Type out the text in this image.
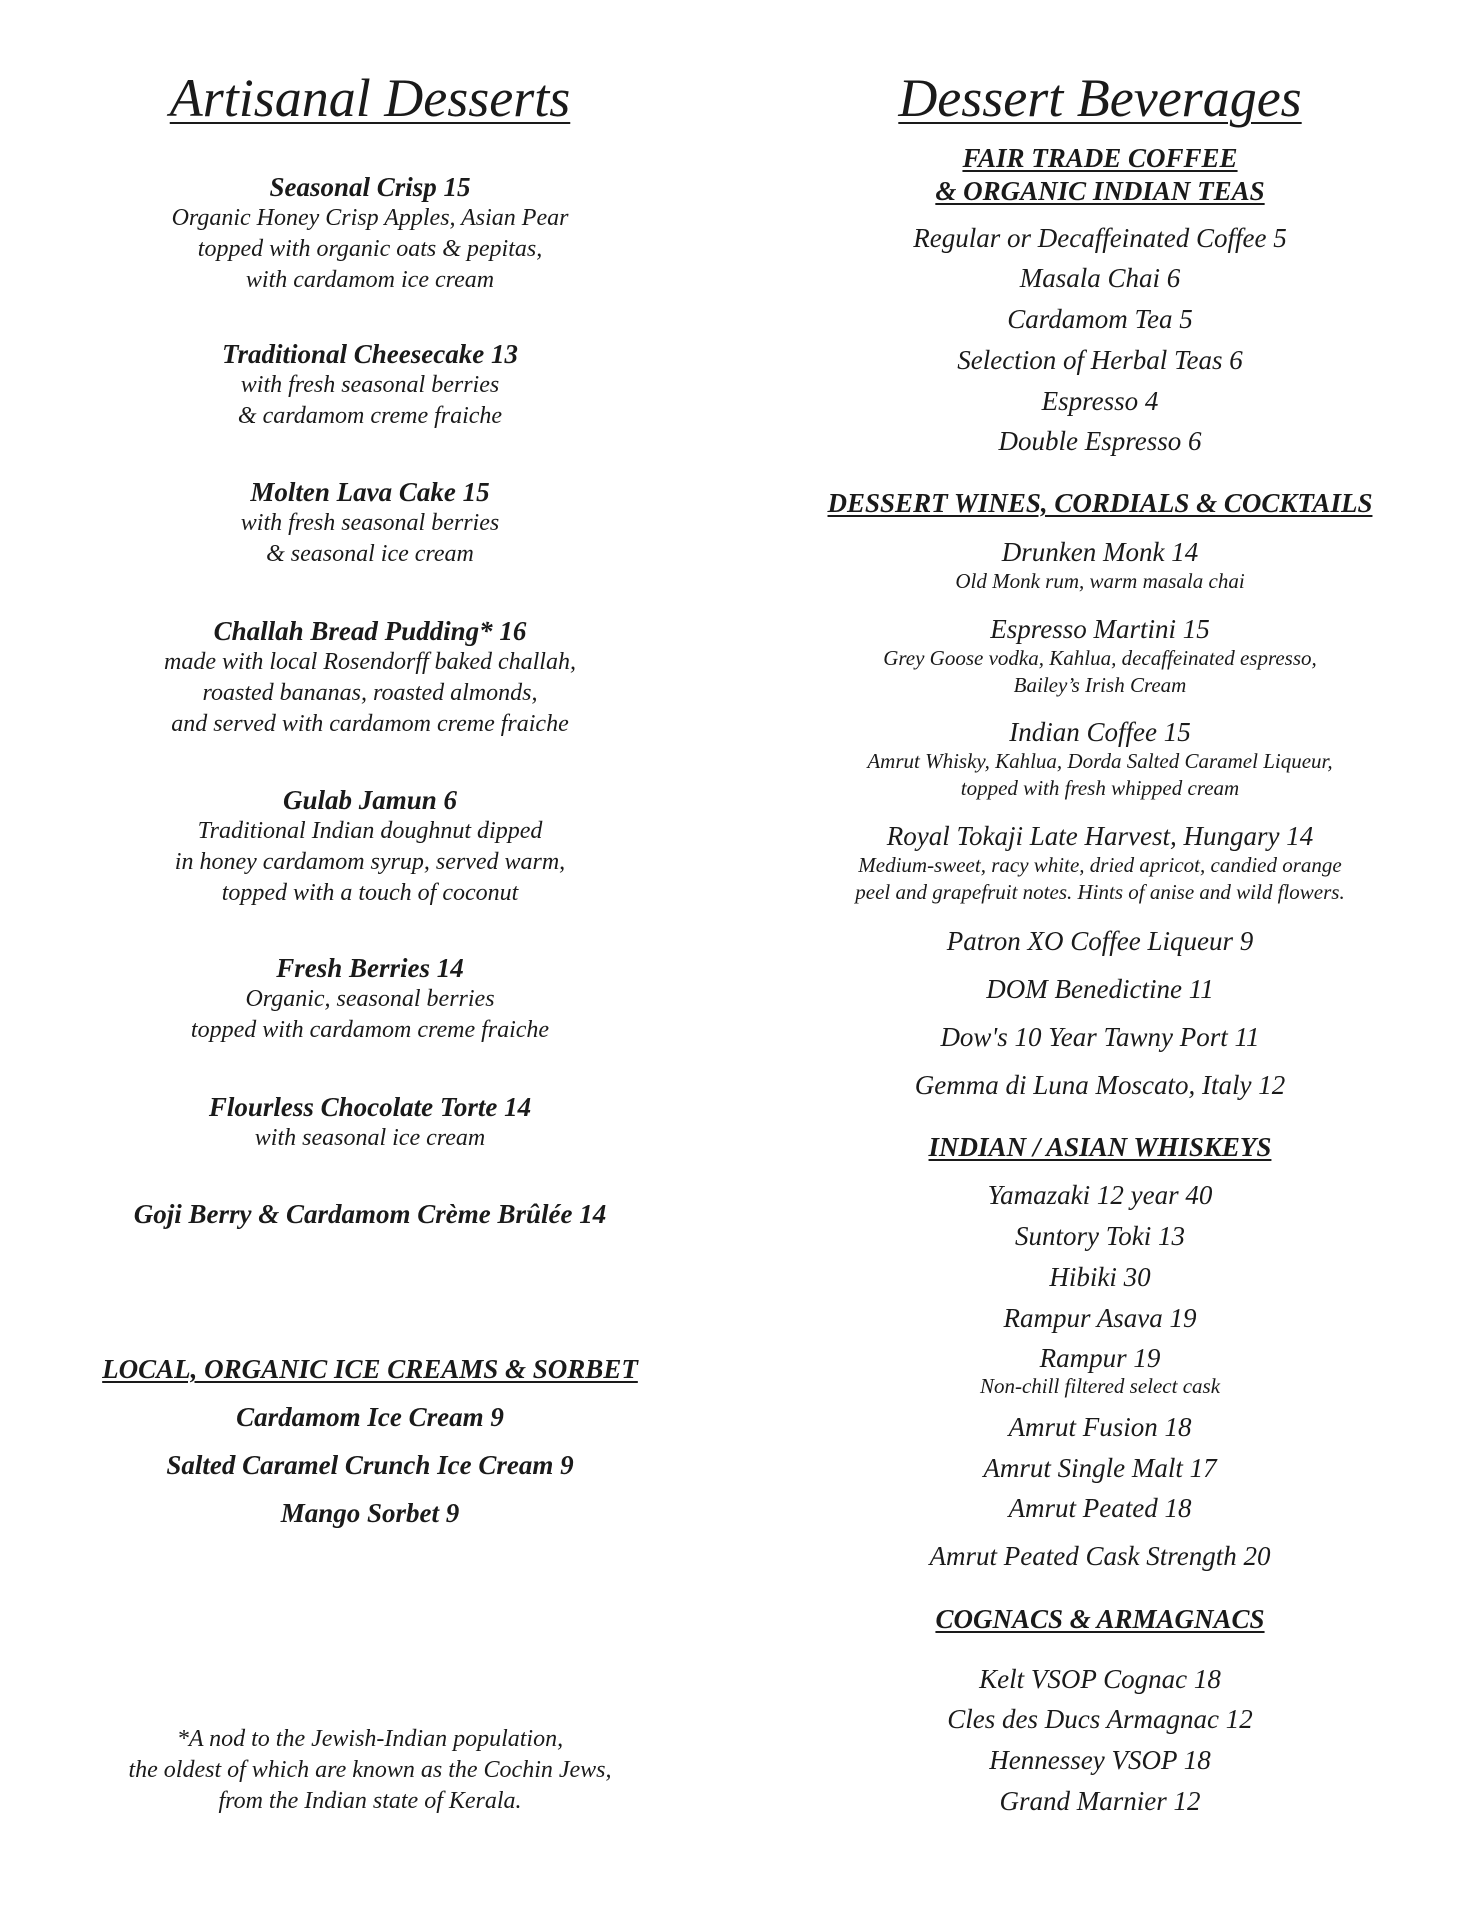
Artisanal Desserts
Seasonal Crisp 15
Organic Honey Crisp Apples, Asian Pear
topped with organic oats & pepitas,
with cardamom ice cream
Traditional Cheesecake 13
with fresh seasonal berries
& cardamom creme fraiche
Molten Lava Cake 15
with fresh seasonal berries
& seasonal ice cream
Challah Bread Pudding* 16
made with local Rosendorff baked challah,
roasted bananas, roasted almonds,
and served with cardamom creme fraiche
Gulab Jamun 6
Traditional Indian doughnut dipped
in honey cardamom syrup, served warm,
topped with a touch of coconut
Fresh Berries 14
Organic, seasonal berries
topped with cardamom creme fraiche
Flourless Chocolate Torte 14
with seasonal ice cream
Goji Berry & Cardamom Crème Brûlée 14
LOCAL, ORGANIC ICE CREAMS & SORBET
Cardamom Ice Cream 9
Salted Caramel Crunch Ice Cream 9
Mango Sorbet 9
*A nod to the Jewish-Indian population,
the oldest of which are known as the Cochin Jews,
from the Indian state of Kerala.
Dessert Beverages
FAIR TRADE COFFEE
& ORGANIC INDIAN TEAS
Regular or Decaffeinated Coffee 5
Masala Chai 6
Cardamom Tea 5
Selection of Herbal Teas 6
Espresso 4
Double Espresso 6
DESSERT WINES, CORDIALS & COCKTAILS
Drunken Monk 14
Old Monk rum, warm masala chai
Espresso Martini 15
Grey Goose vodka, Kahlua, decaffeinated espresso,
Bailey’s Irish Cream
Indian Coffee 15
Amrut Whisky, Kahlua, Dorda Salted Caramel Liqueur,
topped with fresh whipped cream
Royal Tokaji Late Harvest, Hungary 14
Medium-sweet, racy white, dried apricot, candied orange
peel and grapefruit notes. Hints of anise and wild flowers.
Patron XO Coffee Liqueur 9
DOM Benedictine 11
Dow's 10 Year Tawny Port 11
Gemma di Luna Moscato, Italy 12
INDIAN / ASIAN WHISKEYS
Yamazaki 12 year 40
Suntory Toki 13
Hibiki 30
Rampur Asava 19
Rampur 19
Non-chill filtered select cask
Amrut Fusion 18
Amrut Single Malt 17
Amrut Peated 18
Amrut Peated Cask Strength 20
COGNACS & ARMAGNACS
Kelt VSOP Cognac 18
Cles des Ducs Armagnac 12
Hennessey VSOP 18
Grand Marnier 12
